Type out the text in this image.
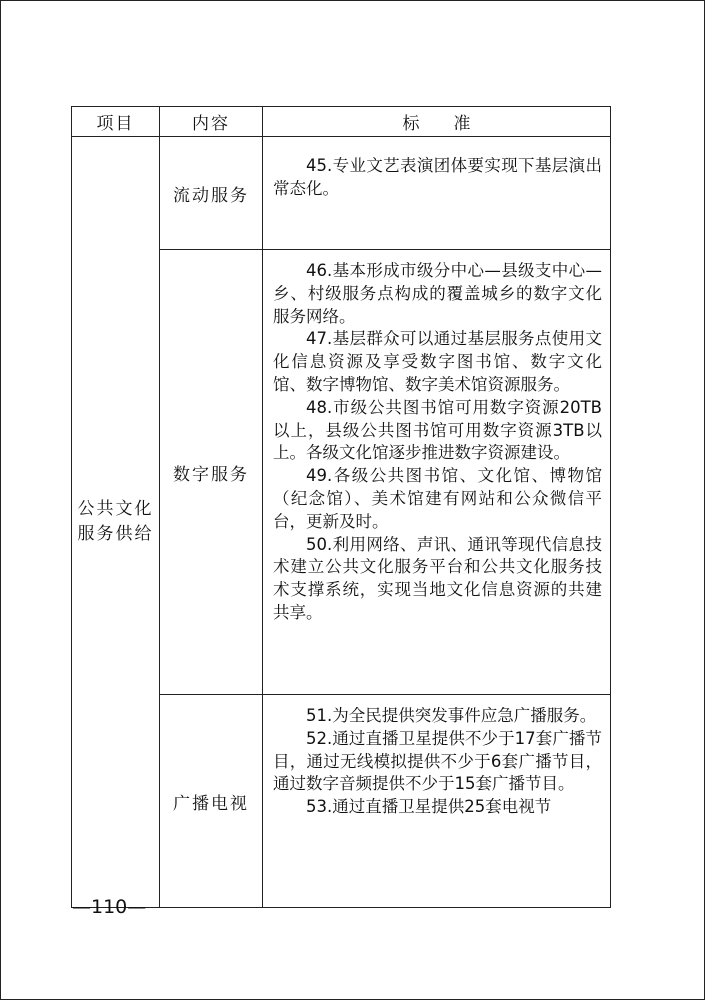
项目	内容	标　　准
公共文化服务供给	流动服务	45.专业文艺表演团体要实现下基层演出常态化。

	数字服务	46.基本形成市级分中心—县级支中心—乡、村级服务点构成的覆盖城乡的数字文化服务网络。

47.基层群众可以通过基层服务点使用文化信息资源及享受数字图书馆、数字文化馆、数字博物馆、数字美术馆资源服务。

48.市级公共图书馆可用数字资源20TB以上，县级公共图书馆可用数字资源3TB以上。各级文化馆逐步推进数字资源建设。

49.各级公共图书馆、文化馆、博物馆（纪念馆）、美术馆建有网站和公众微信平台，更新及时。

50.利用网络、声讯、通讯等现代信息技术建立公共文化服务平台和公共文化服务技术支撑系统，实现当地文化信息资源的共建共享。

	广播电视	51.为全民提供突发事件应急广播服务。

52.通过直播卫星提供不少于17套广播节目，通过无线模拟提供不少于6套广播节目，通过数字音频提供不少于15套广播节目。

53.通过直播卫星提供25套电视节

—110—
